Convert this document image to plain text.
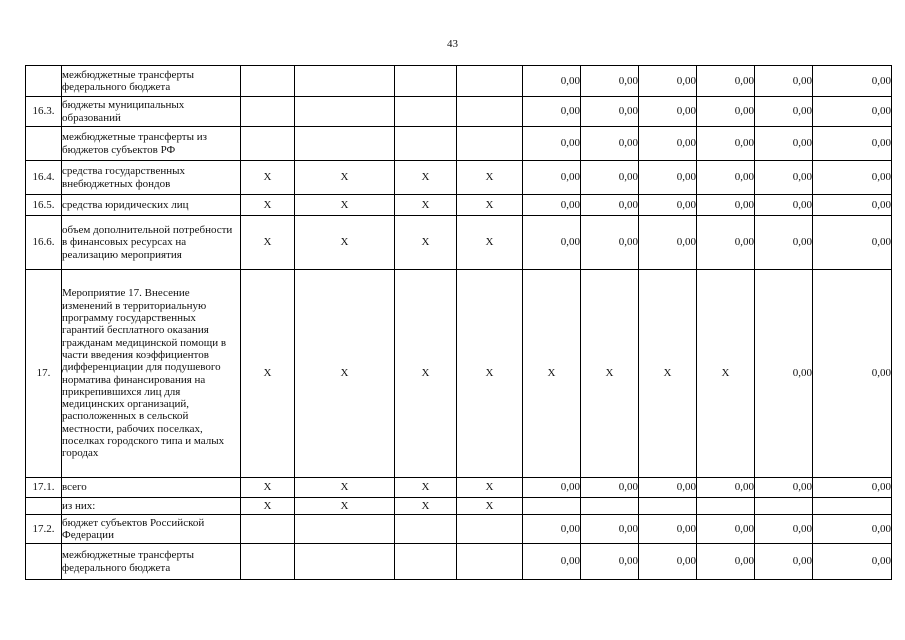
43
	межбюджетные трансферты федерального бюджета					0,00	0,00	0,00	0,00	0,00	0,00
16.3.	бюджеты муниципальных образований					0,00	0,00	0,00	0,00	0,00	0,00
	межбюджетные трансферты из бюджетов субъектов РФ					0,00	0,00	0,00	0,00	0,00	0,00
16.4.	средства государственных внебюджетных фондов	X	X	X	X	0,00	0,00	0,00	0,00	0,00	0,00
16.5.	средства юридических лиц	X	X	X	X	0,00	0,00	0,00	0,00	0,00	0,00
16.6.	объем дополнительной потребности в финансовых ресурсах на реализацию мероприятия	X	X	X	X	0,00	0,00	0,00	0,00	0,00	0,00
17.	Мероприятие 17. Внесение изменений в территориальную программу государственных гарантий бесплатного оказания гражданам медицинской помощи в части введения коэффициентов дифференциации для подушевого норматива финансирования на прикрепившихся лиц для медицинских организаций, расположенных в сельской местности, рабочих поселках, поселках городского типа и малых городах	X	X	X	X	X	X	X	X	0,00	0,00
17.1.	всего	X	X	X	X	0,00	0,00	0,00	0,00	0,00	0,00
	из них:	X	X	X	X						
17.2.	бюджет субъектов Российской Федерации					0,00	0,00	0,00	0,00	0,00	0,00
	межбюджетные трансферты федерального бюджета					0,00	0,00	0,00	0,00	0,00	0,00
